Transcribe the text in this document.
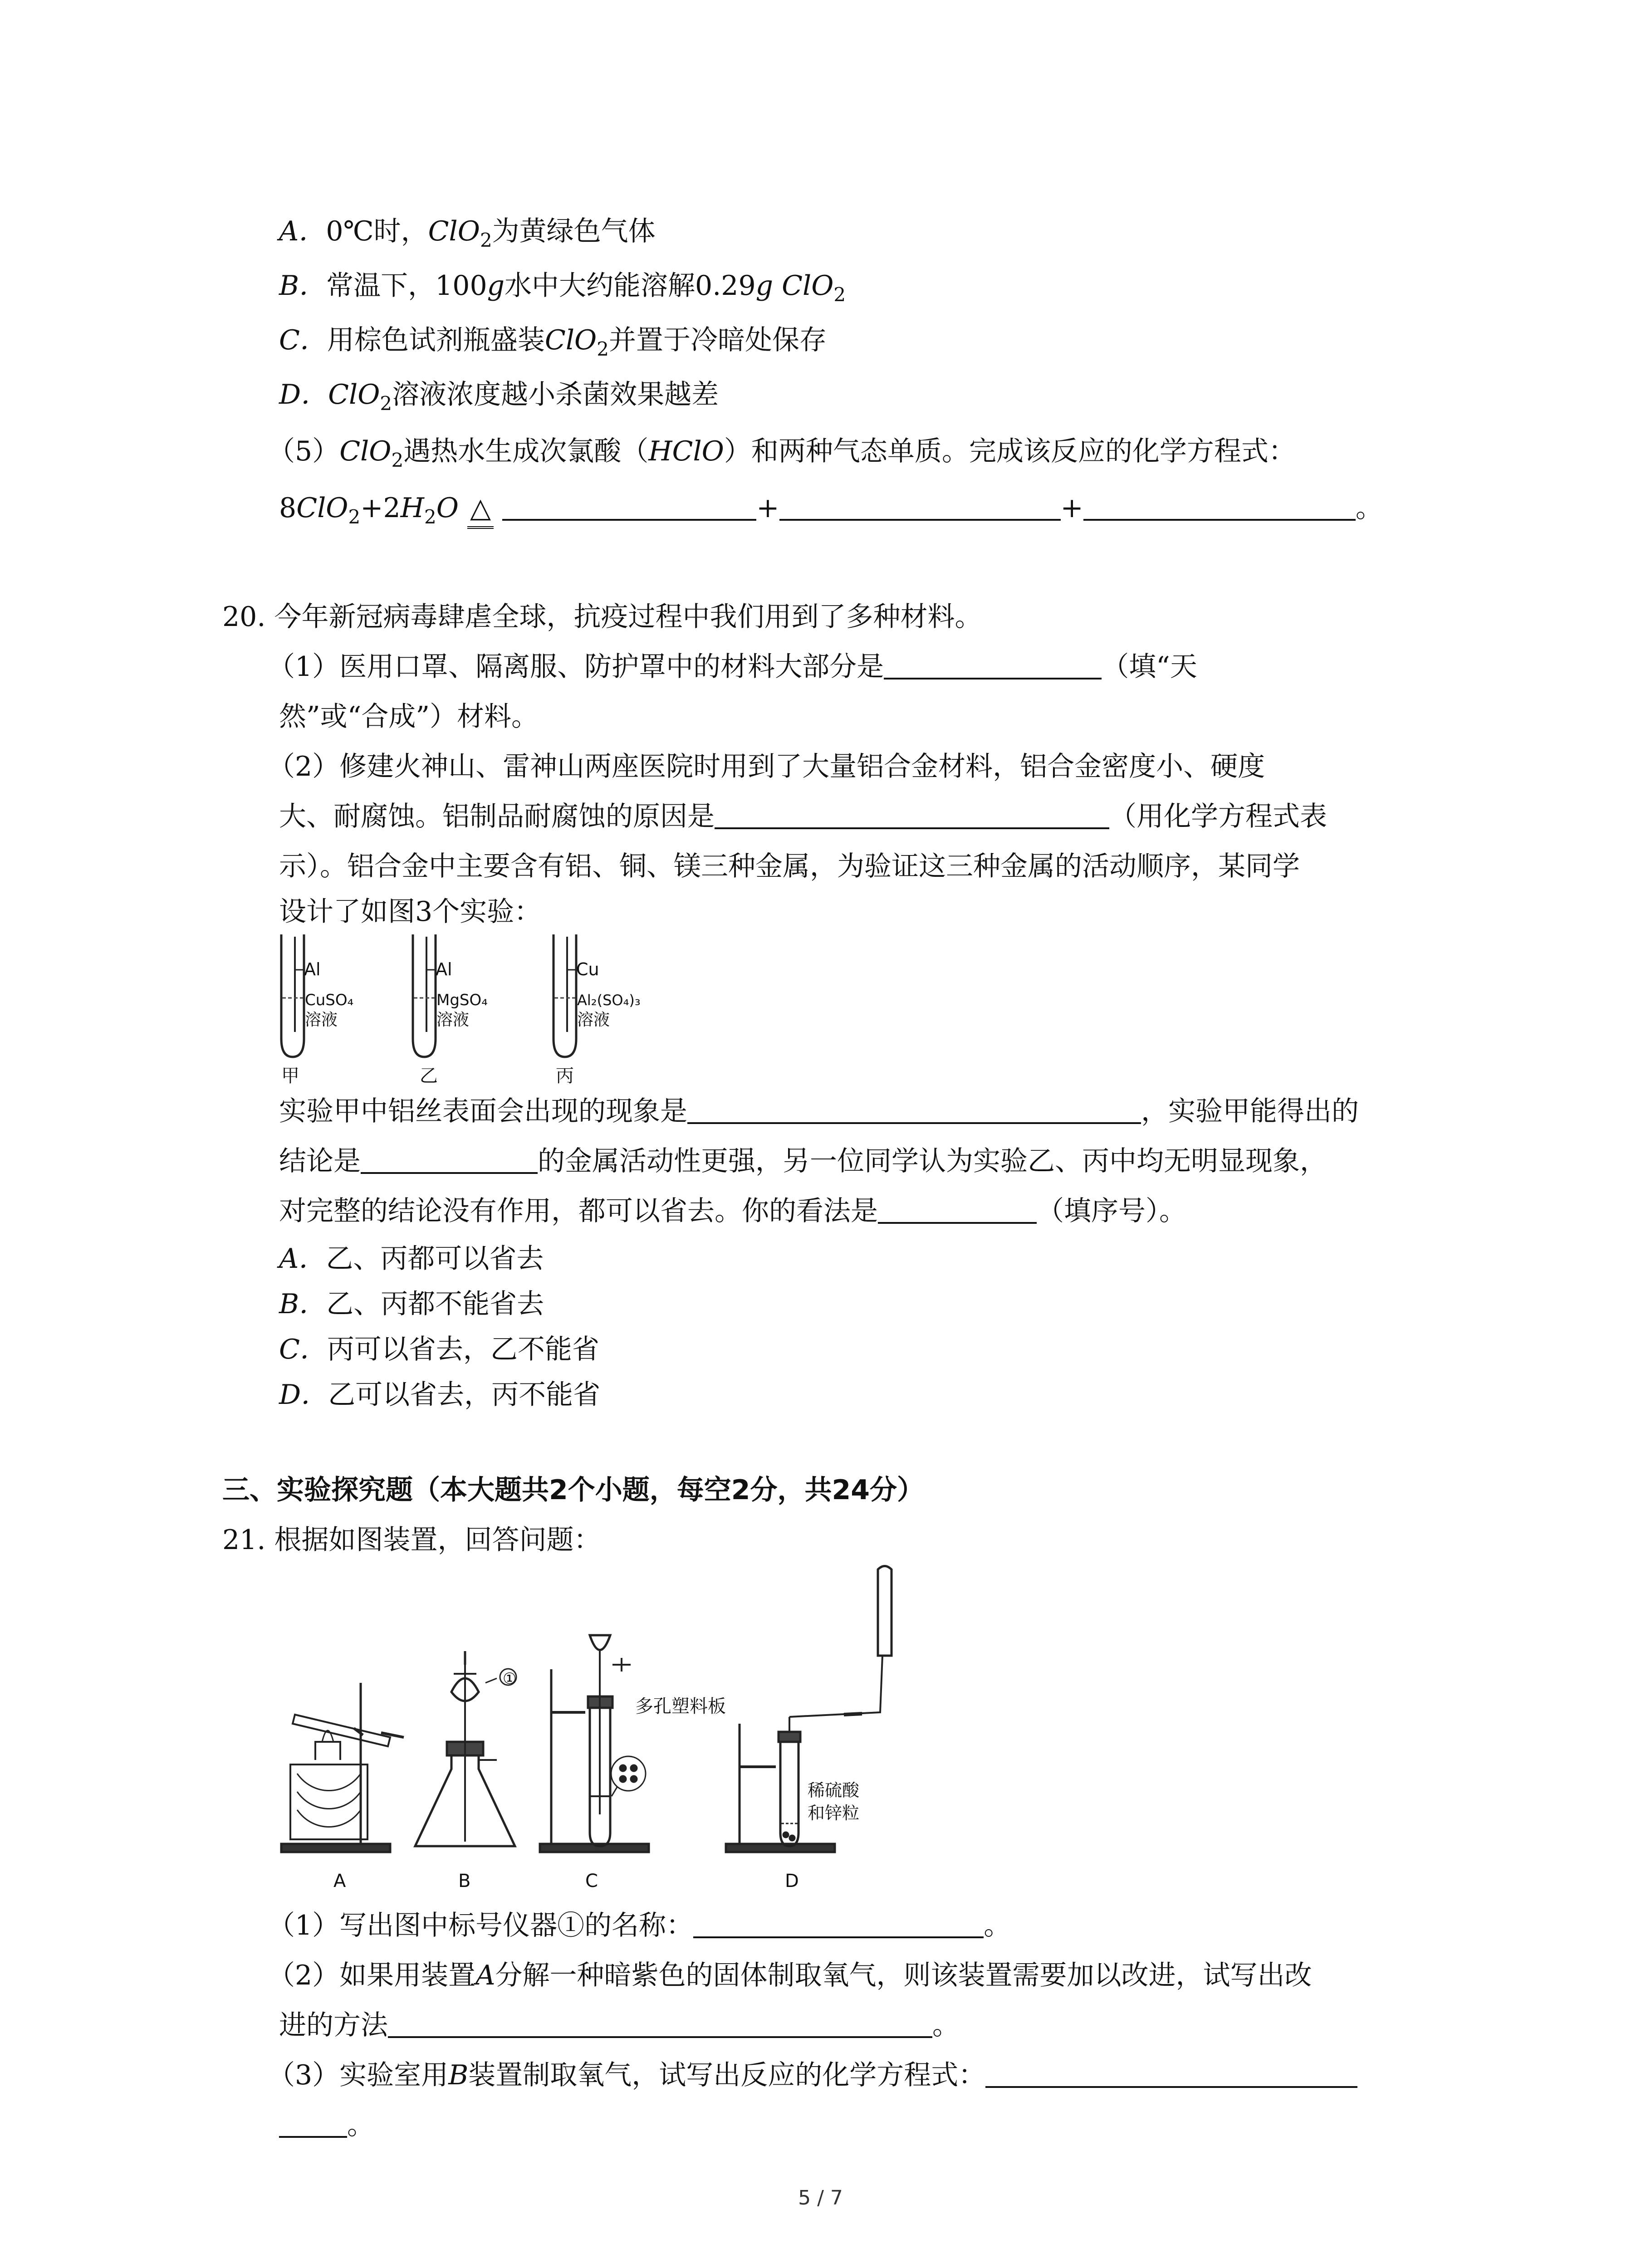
A．0℃时，ClO$_2$为黄绿色气体
B．常温下，100g水中大约能溶解0.29g ClO$_2$
C．用棕色试剂瓶盛装ClO$_2$并置于冷暗处保存
D．ClO$_2$溶液浓度越小杀菌效果越差
（5）ClO$_2$遇热水生成次氯酸（HClO）和两种气态单质。完成该反应的化学方程式：
$8ClO_2+2H_2O$ △	+	+	。
20. 今年新冠病毒肆虐全球，抗疫过程中我们用到了多种材料。
（1）医用口罩、隔离服、防护罩中的材料大部分是	（填“天
然”或“合成”）材料。
（2）修建火神山、雷神山两座医院时用到了大量铝合金材料，铝合金密度小、硬度
大、耐腐蚀。铝制品耐腐蚀的原因是	（用化学方程式表
示）。铝合金中主要含有铝、铜、镁三种金属，为验证这三种金属的活动顺序，某同学
设计了如图3个实验：
Al
CuSO₄
溶液
甲
Al
MgSO₄
溶液
乙
Cu
Al₂(SO₄)₃
溶液
丙
实验甲中铝丝表面会出现的现象是	，实验甲能得出的
结论是	的金属活动性更强，另一位同学认为实验乙、丙中均无明显现象，
对完整的结论没有作用，都可以省去。你的看法是	（填序号）。
A．乙、丙都可以省去
B．乙、丙都不能省去
C．丙可以省去，乙不能省
D．乙可以省去，丙不能省
三、实验探究题（本大题共2个小题，每空2分，共24分）
21. 根据如图装置，回答问题：
A
①
B
多孔塑料板
C
稀硫酸
和锌粒
D
（1）写出图中标号仪器①的名称：	。
（2）如果用装置A分解一种暗紫色的固体制取氧气，则该装置需要加以改进，试写出改
进的方法	。
（3）实验室用B装置制取氧气，试写出反应的化学方程式：
。
5 / 7
